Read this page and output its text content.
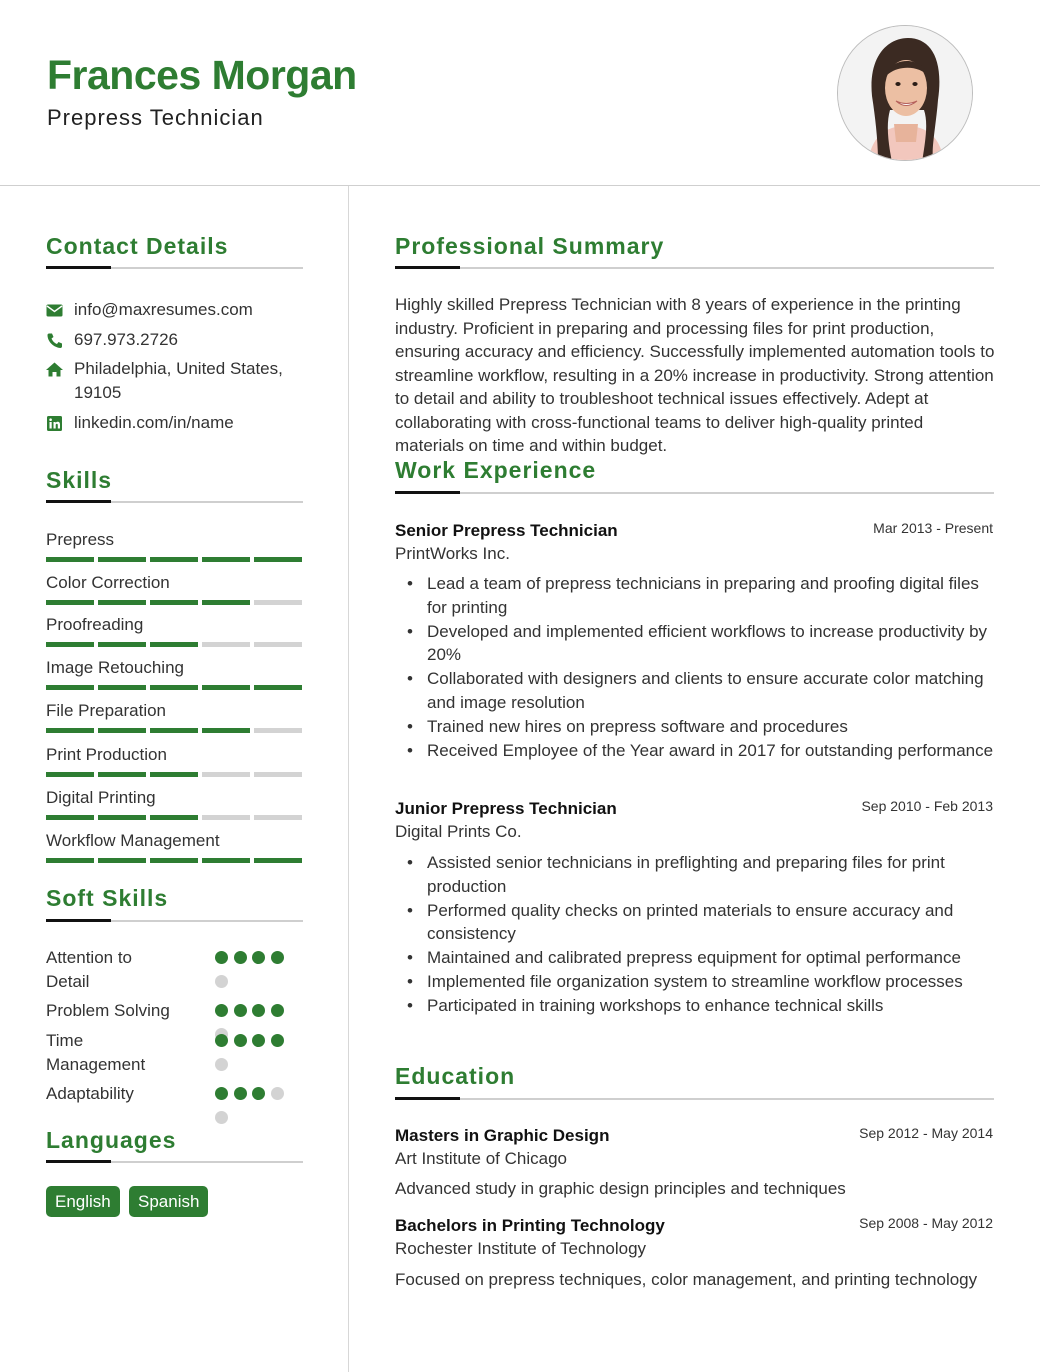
Frances Morgan
Prepress Technician
Contact Details
info@maxresumes.com
697.973.2726
Philadelphia, United States, 19105
linkedin.com/in/name
Skills
Prepress
Color Correction
Proofreading
Image Retouching
File Preparation
Print Production
Digital Printing
Workflow Management
Soft Skills
Attention to Detail
Problem Solving
Time Management
Adaptability
Languages
English	Spanish
Professional Summary
Highly skilled Prepress Technician with 8 years of experience in the printing industry. Proficient in preparing and processing files for print production, ensuring accuracy and efficiency. Successfully implemented automation tools to streamline workflow, resulting in a 20% increase in productivity. Strong attention to detail and ability to troubleshoot technical issues effectively. Adept at collaborating with cross-functional teams to deliver high-quality printed materials on time and within budget.
Work Experience
Senior Prepress Technician	Mar 2013 - Present
PrintWorks Inc.
• Lead a team of prepress technicians in preparing and proofing digital files for printing
• Developed and implemented efficient workflows to increase productivity by 20%
• Collaborated with designers and clients to ensure accurate color matching and image resolution
• Trained new hires on prepress software and procedures
• Received Employee of the Year award in 2017 for outstanding performance
Junior Prepress Technician	Sep 2010 - Feb 2013
Digital Prints Co.
• Assisted senior technicians in preflighting and preparing files for print production
• Performed quality checks on printed materials to ensure accuracy and consistency
• Maintained and calibrated prepress equipment for optimal performance
• Implemented file organization system to streamline workflow processes
• Participated in training workshops to enhance technical skills
Education
Masters in Graphic Design	Sep 2012 - May 2014
Art Institute of Chicago
Advanced study in graphic design principles and techniques
Bachelors in Printing Technology	Sep 2008 - May 2012
Rochester Institute of Technology
Focused on prepress techniques, color management, and printing technology
